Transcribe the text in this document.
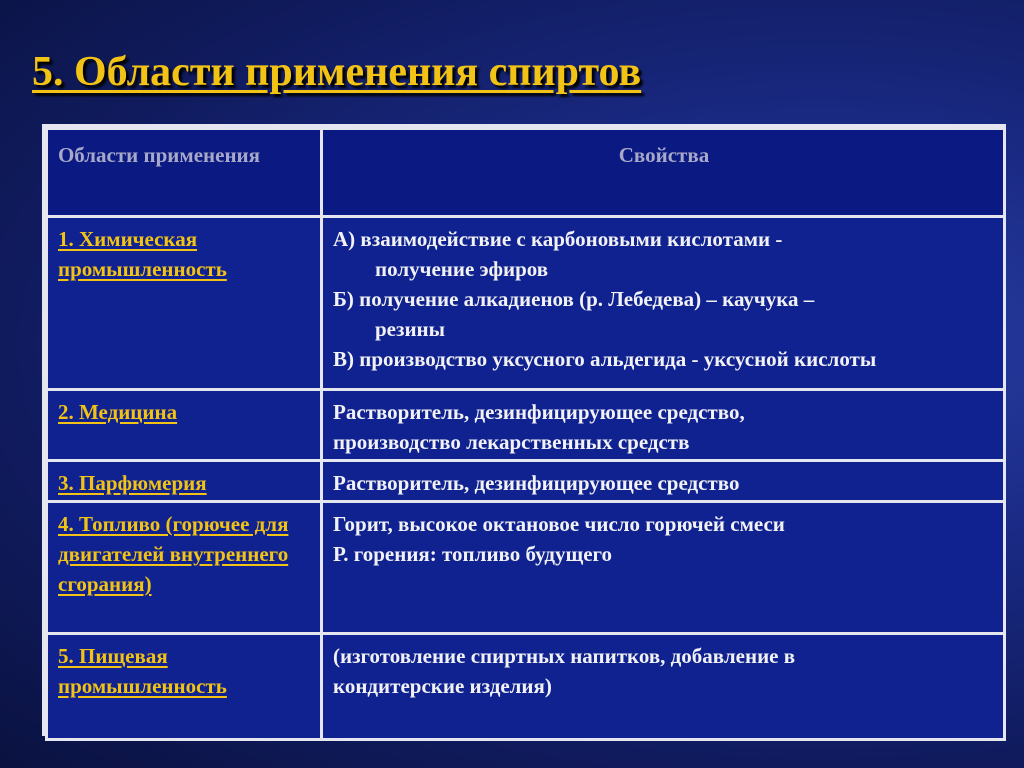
5. Области применения спиртов
Области применения	Свойства
1. Химическая промышленность	А) взаимодействие с карбоновыми кислотами -
получение эфиров
Б) получение алкадиенов (р. Лебедева) – каучука –
резины
В) производство уксусного альдегида - уксусной кислоты

2. Медицина	Растворитель, дезинфицирующее средство,
производство лекарственных средств

3. Парфюмерия	Растворитель, дезинфицирующее средство

4. Топливо (горючее для двигателей внутреннего сгорания)	Горит, высокое октановое число горючей смеси
Р. горения: топливо будущего

5. Пищевая промышленность	(изготовление спиртных напитков, добавление в
кондитерские изделия)
